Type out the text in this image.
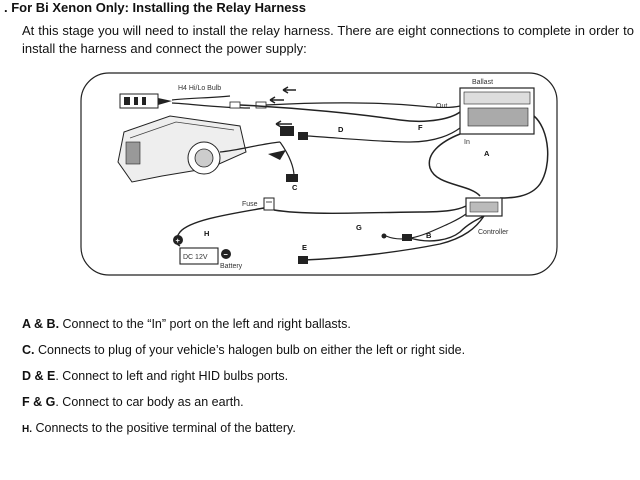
. For Bi Xenon Only: Installing the Relay Harness
At this stage you will need to install the relay harness. There are eight connections to complete in order to install the harness and connect the power supply:
H4 Hi/Lo Bulb
Ballast
Out
In
Controller
Fuse
DC 12V
+
−
Battery
D	F
A
C
G
B
E
H
A & B. Connect to the “In” port on the left and right ballasts.
C. Connects to plug of your vehicle’s halogen bulb on either the left or right side.
D & E. Connect to left and right HID bulbs ports.
F & G. Connect to car body as an earth.
H. Connects to the positive terminal of the battery.
